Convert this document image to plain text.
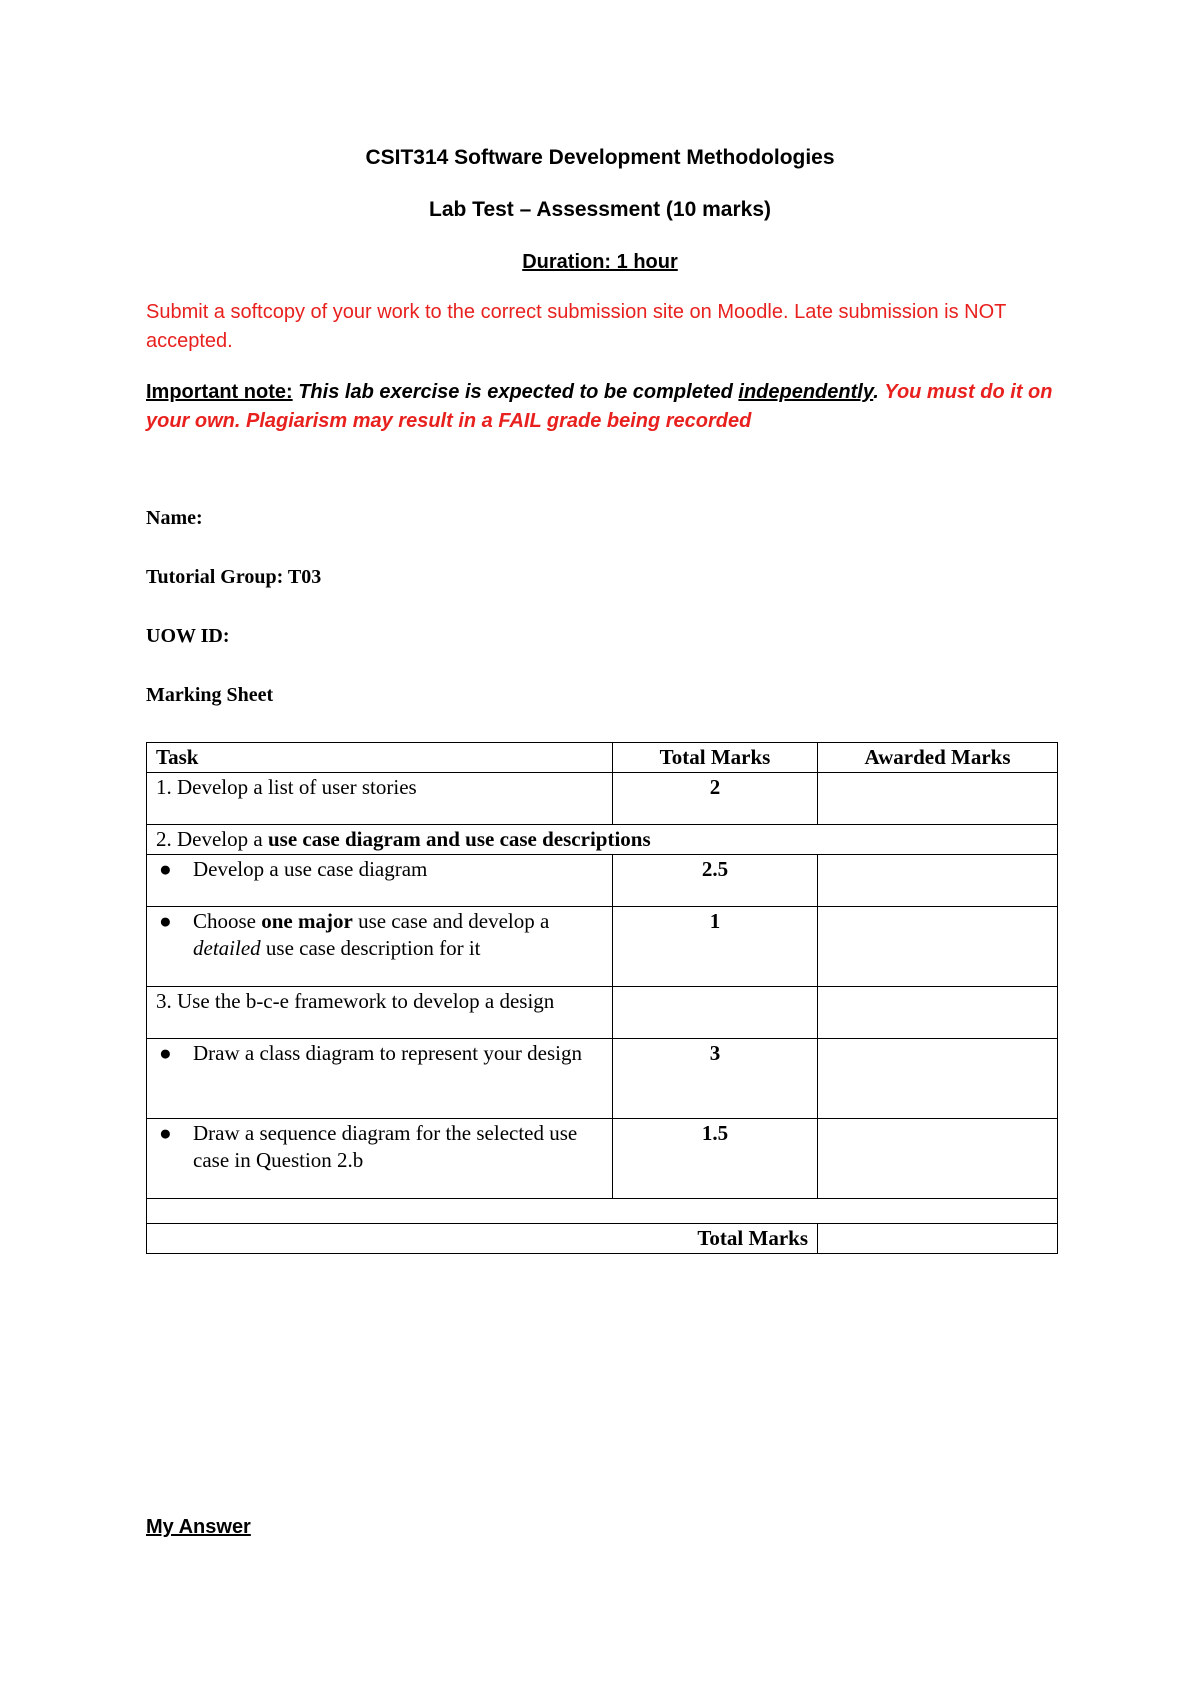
CSIT314 Software Development Methodologies
Lab Test – Assessment (10 marks)
Duration: 1 hour
Submit a softcopy of your work to the correct submission site on Moodle. Late submission is NOT accepted.
Important note: This lab exercise is expected to be completed independently. You must do it on your own. Plagiarism may result in a FAIL grade being recorded
Name:
Tutorial Group: T03
UOW ID:
Marking Sheet
Task	Total Marks	Awarded Marks
1. Develop a list of user stories	2	
2. Develop a use case diagram and use case descriptions		

● Develop a use case diagram	2.5	

● Choose one major use case and develop a detailed use case description for it	1	
3. Use the b-c-e framework to develop a design		

● Draw a class diagram to represent your design	3	

● Draw a sequence diagram for the selected use case in Question 2.b	1.5	

Total Marks		
My Answer
